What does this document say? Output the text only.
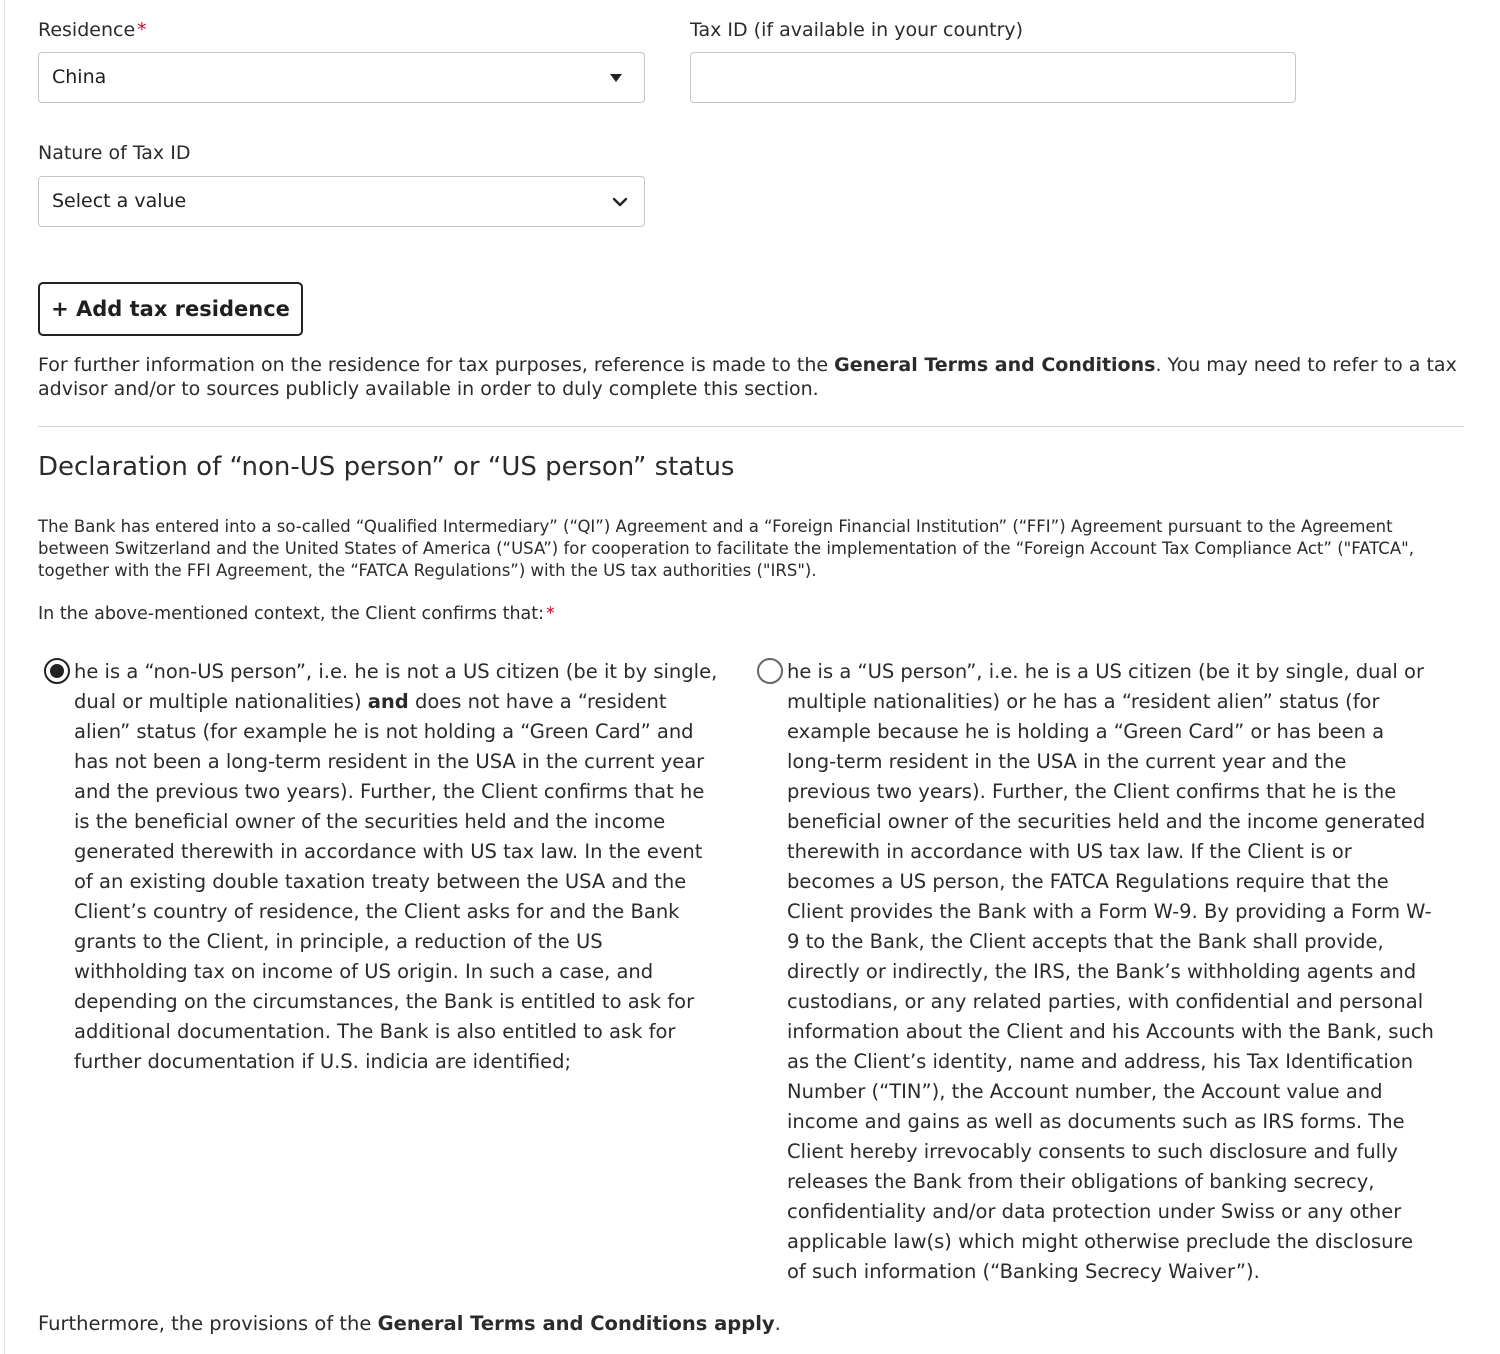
Residence *
China
Tax ID (if available in your country)
Nature of Tax ID
Select a value
+ Add tax residence
For further information on the residence for tax purposes, reference is made to the General Terms and Conditions. You may need to refer to a tax advisor and/or to sources publicly available in order to duly complete this section.
Declaration of “non-US person” or “US person” status
The Bank has entered into a so-called “Qualified Intermediary” (“QI”) Agreement and a “Foreign Financial Institution” (“FFI”) Agreement pursuant to the Agreement between Switzerland and the United States of America (“USA”) for cooperation to facilitate the implementation of the “Foreign Account Tax Compliance Act” ("FATCA", together with the FFI Agreement, the “FATCA Regulations”) with the US tax authorities ("IRS").
In the above-mentioned context, the Client confirms that: *
he is a “non-US person”, i.e. he is not a US citizen (be it by single, dual or multiple nationalities) and does not have a “resident alien” status (for example he is not holding a “Green Card” and has not been a long-term resident in the USA in the current year and the previous two years). Further, the Client confirms that he is the beneficial owner of the securities held and the income generated therewith in accordance with US tax law. In the event of an existing double taxation treaty between the USA and the Client’s country of residence, the Client asks for and the Bank grants to the Client, in principle, a reduction of the US withholding tax on income of US origin. In such a case, and depending on the circumstances, the Bank is entitled to ask for additional documentation. The Bank is also entitled to ask for further documentation if U.S. indicia are identified;
he is a “US person”, i.e. he is a US citizen (be it by single, dual or multiple nationalities) or he has a “resident alien” status (for example because he is holding a “Green Card” or has been a long-term resident in the USA in the current year and the previous two years). Further, the Client confirms that he is the beneficial owner of the securities held and the income generated therewith in accordance with US tax law. If the Client is or becomes a US person, the FATCA Regulations require that the Client provides the Bank with a Form W-9. By providing a Form W-9 to the Bank, the Client accepts that the Bank shall provide, directly or indirectly, the IRS, the Bank’s withholding agents and custodians, or any related parties, with confidential and personal information about the Client and his Accounts with the Bank, such as the Client’s identity, name and address, his Tax Identification Number (“TIN”), the Account number, the Account value and income and gains as well as documents such as IRS forms. The Client hereby irrevocably consents to such disclosure and fully releases the Bank from their obligations of banking secrecy, confidentiality and/or data protection under Swiss or any other applicable law(s) which might otherwise preclude the disclosure of such information (“Banking Secrecy Waiver”).
Furthermore, the provisions of the General Terms and Conditions apply.
